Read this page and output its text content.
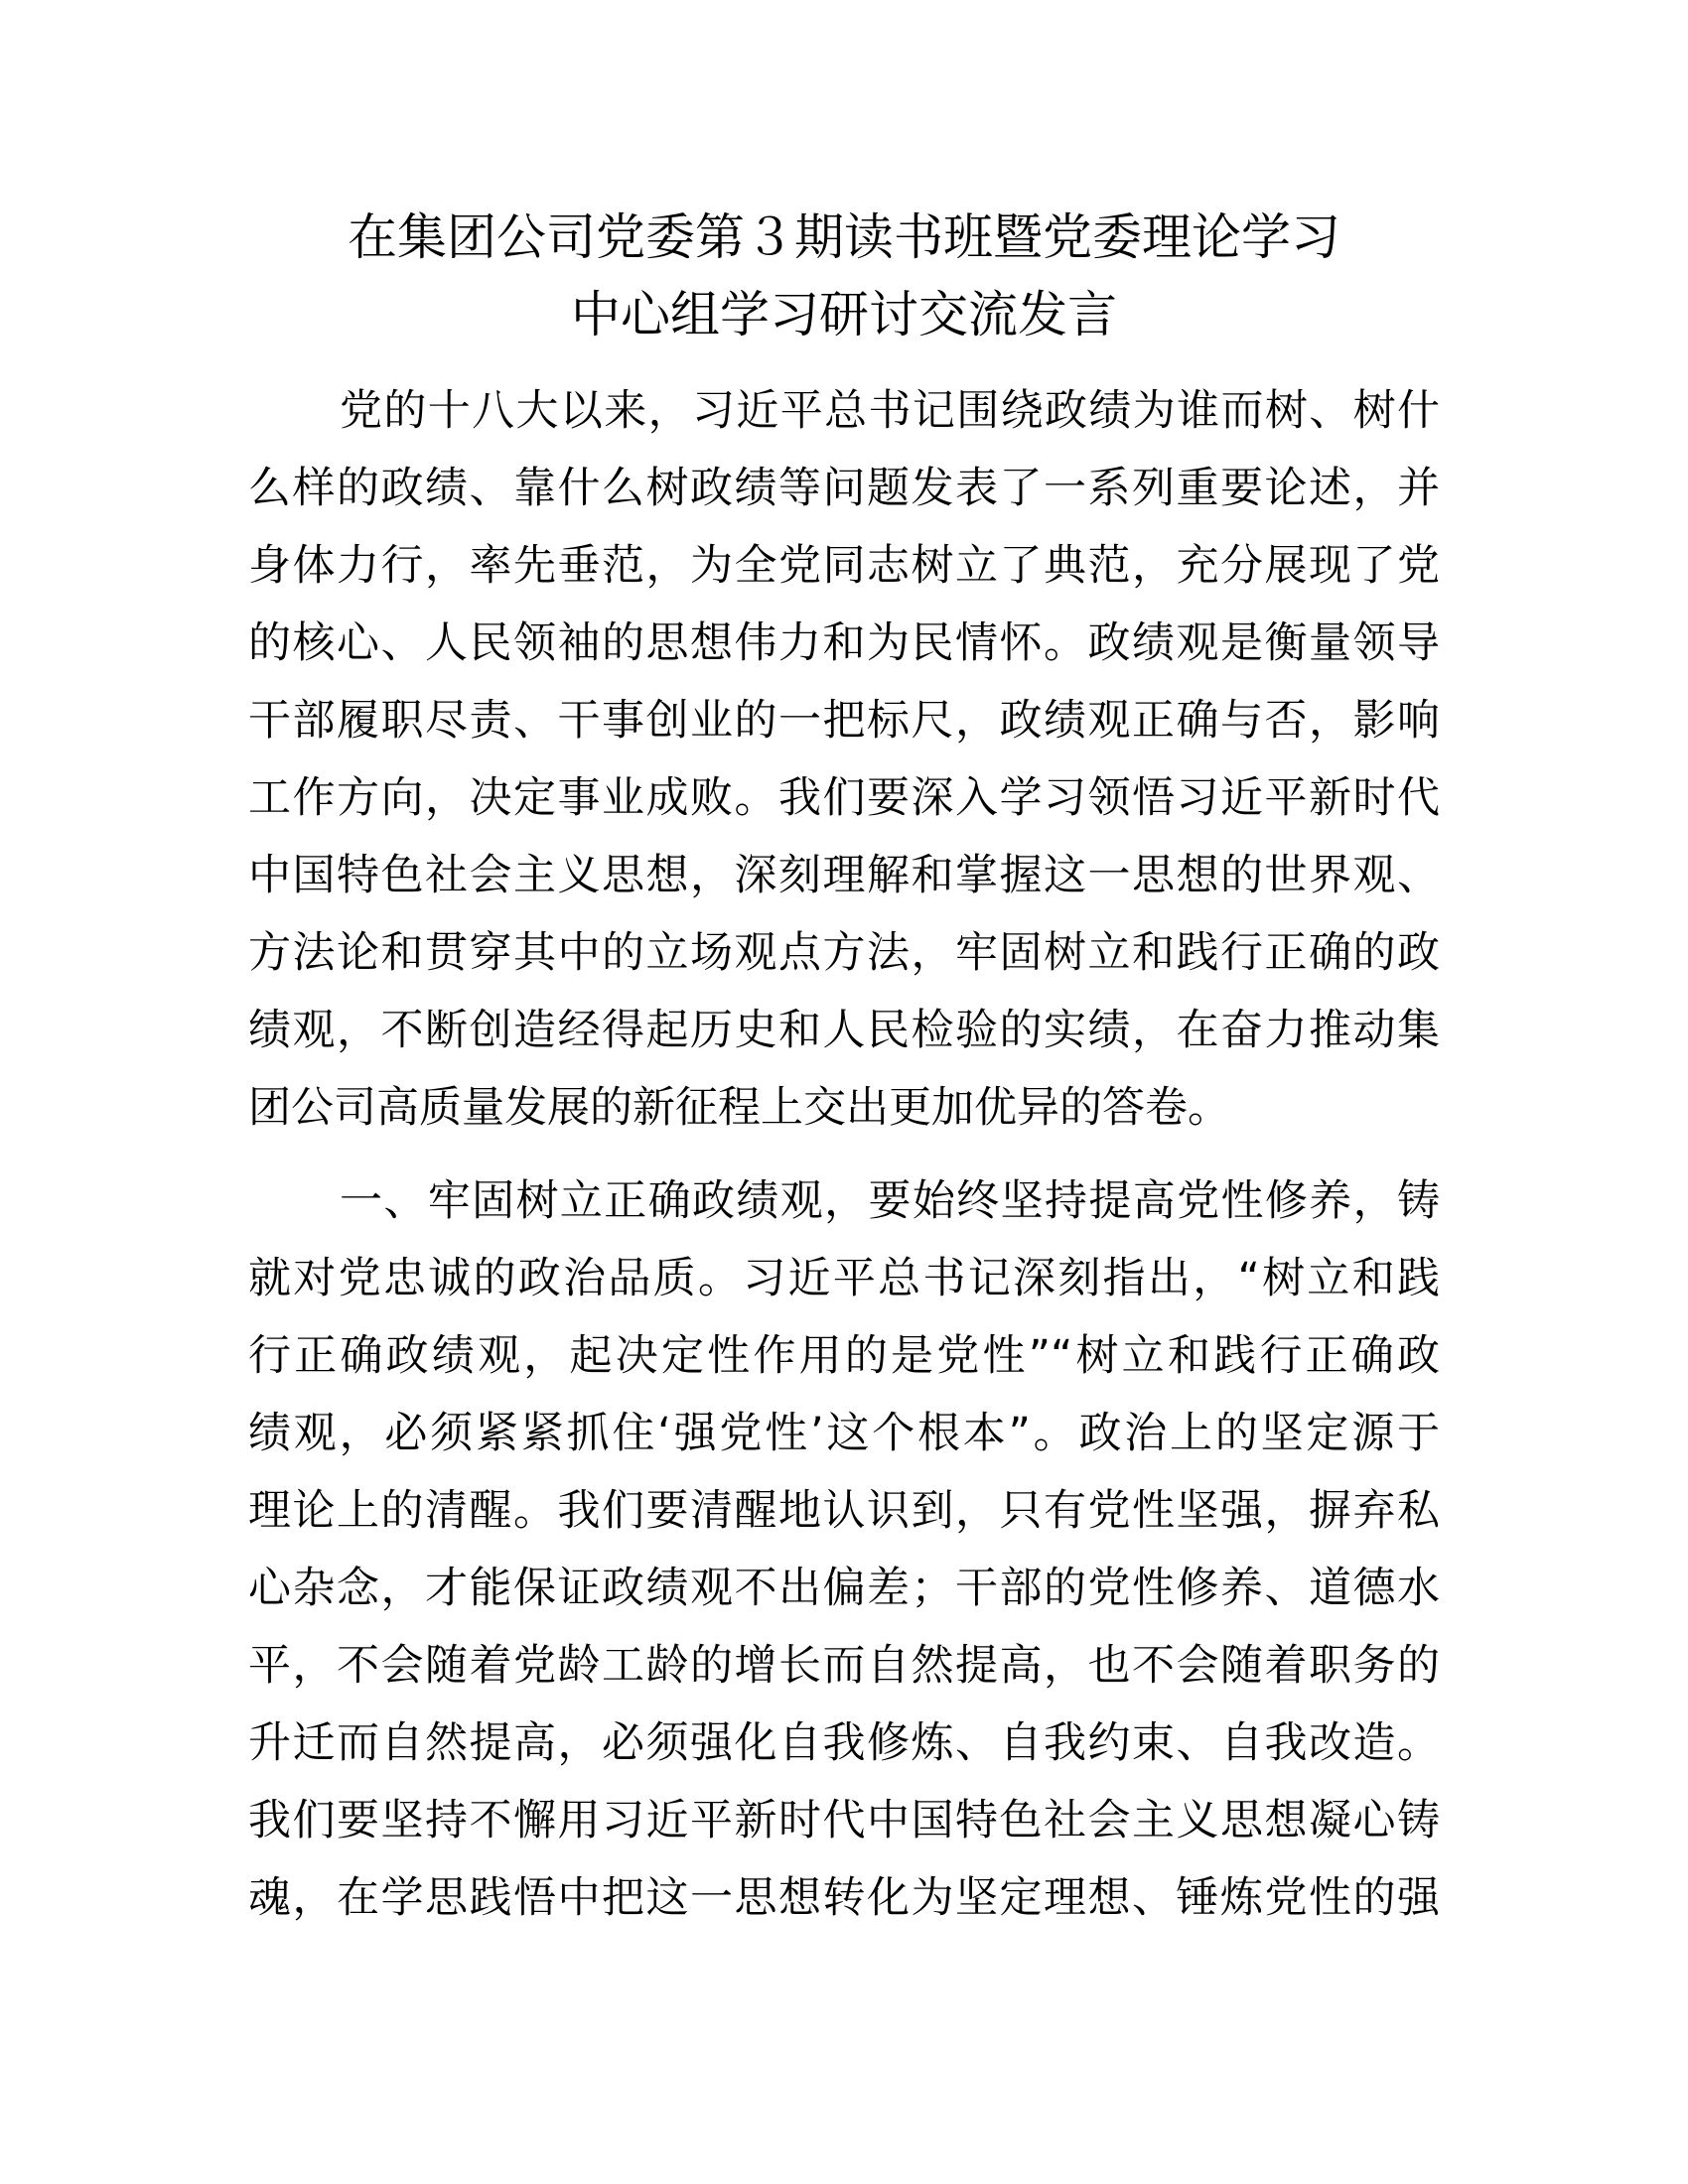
在集团公司党委第３期读书班暨党委理论学习
中心组学习研讨交流发言

党的十八大以来，习近平总书记围绕政绩为谁而树、树什
么样的政绩、靠什么树政绩等问题发表了一系列重要论述，并
身体力行，率先垂范，为全党同志树立了典范，充分展现了党
的核心、人民领袖的思想伟力和为民情怀。政绩观是衡量领导
干部履职尽责、干事创业的一把标尺，政绩观正确与否，影响
工作方向，决定事业成败。我们要深入学习领悟习近平新时代
中国特色社会主义思想，深刻理解和掌握这一思想的世界观、
方法论和贯穿其中的立场观点方法，牢固树立和践行正确的政
绩观，不断创造经得起历史和人民检验的实绩，在奋力推动集
团公司高质量发展的新征程上交出更加优异的答卷。

一、牢固树立正确政绩观，要始终坚持提高党性修养，铸
就对党忠诚的政治品质。习近平总书记深刻指出，“树立和践
行正确政绩观，起决定性作用的是党性”“树立和践行正确政
绩观，必须紧紧抓住‘强党性’这个根本”。政治上的坚定源于
理论上的清醒。我们要清醒地认识到，只有党性坚强，摒弃私
心杂念，才能保证政绩观不出偏差；干部的党性修养、道德水
平，不会随着党龄工龄的增长而自然提高，也不会随着职务的
升迁而自然提高，必须强化自我修炼、自我约束、自我改造。
我们要坚持不懈用习近平新时代中国特色社会主义思想凝心铸
魂，在学思践悟中把这一思想转化为坚定理想、锤炼党性的强
